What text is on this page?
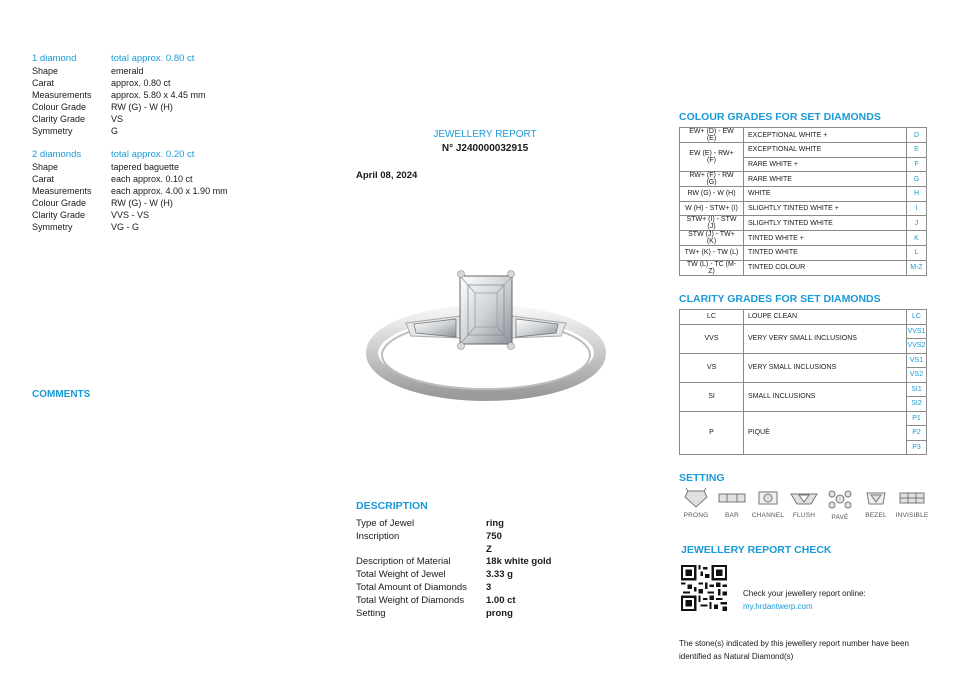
1 diamond	total approx. 0.80 ct
Shape	emerald
Carat	approx. 0.80 ct
Measurements	approx. 5.80 x 4.45 mm
Colour Grade	RW (G) - W (H)
Clarity Grade	VS
Symmetry	G
2 diamonds	total approx. 0.20 ct
Shape	tapered baguette
Carat	each approx. 0.10 ct
Measurements	each approx. 4.00 x 1.90 mm
Colour Grade	RW (G) - W (H)
Clarity Grade	VVS - VS
Symmetry	VG - G
COMMENTS
JEWELLERY REPORT
N° J240000032915
April 08, 2024
DESCRIPTION
Type of Jewel	ring
Inscription	750
Z
Description of Material	18k white gold
Total Weight of Jewel	3.33 g
Total Amount of Diamonds	3
Total Weight of Diamonds	1.00 ct
Setting	prong
COLOUR GRADES FOR SET DIAMONDS
EW+ (D) - EW (E)	EXCEPTIONAL WHITE +	D
EW (E) - RW+ (F)	EXCEPTIONAL WHITE	E
	RARE WHITE +	F
RW+ (F) - RW (G)	RARE WHITE	G
RW (G) - W (H)	WHITE	H
W (H) - STW+ (I)	SLIGHTLY TINTED WHITE +	I
STW+ (I) - STW (J)	SLIGHTLY TINTED WHITE	J
STW (J) - TW+ (K)	TINTED WHITE +	K
TW+ (K) - TW (L)	TINTED WHITE	L
TW (L) - TC (M-Z)	TINTED COLOUR	M-Z
CLARITY GRADES FOR SET DIAMONDS
LC	LOUPE CLEAN	LC
VVS	VERY VERY SMALL INCLUSIONS	VVS1
		VVS2
VS	VERY SMALL INCLUSIONS	VS1
		VS2
SI	SMALL INCLUSIONS	SI1
		SI2
P	PIQUÉ	P1
		P2
		P3
SETTING
PRONG	BAR	CHANNEL	FLUSH	PAVÉ	BEZEL	INVISIBLE
JEWELLERY REPORT CHECK
Check your jewellery report online:
my.hrdantwerp.com
The stone(s) indicated by this jewellery report number have been identified as Natural Diamond(s)
